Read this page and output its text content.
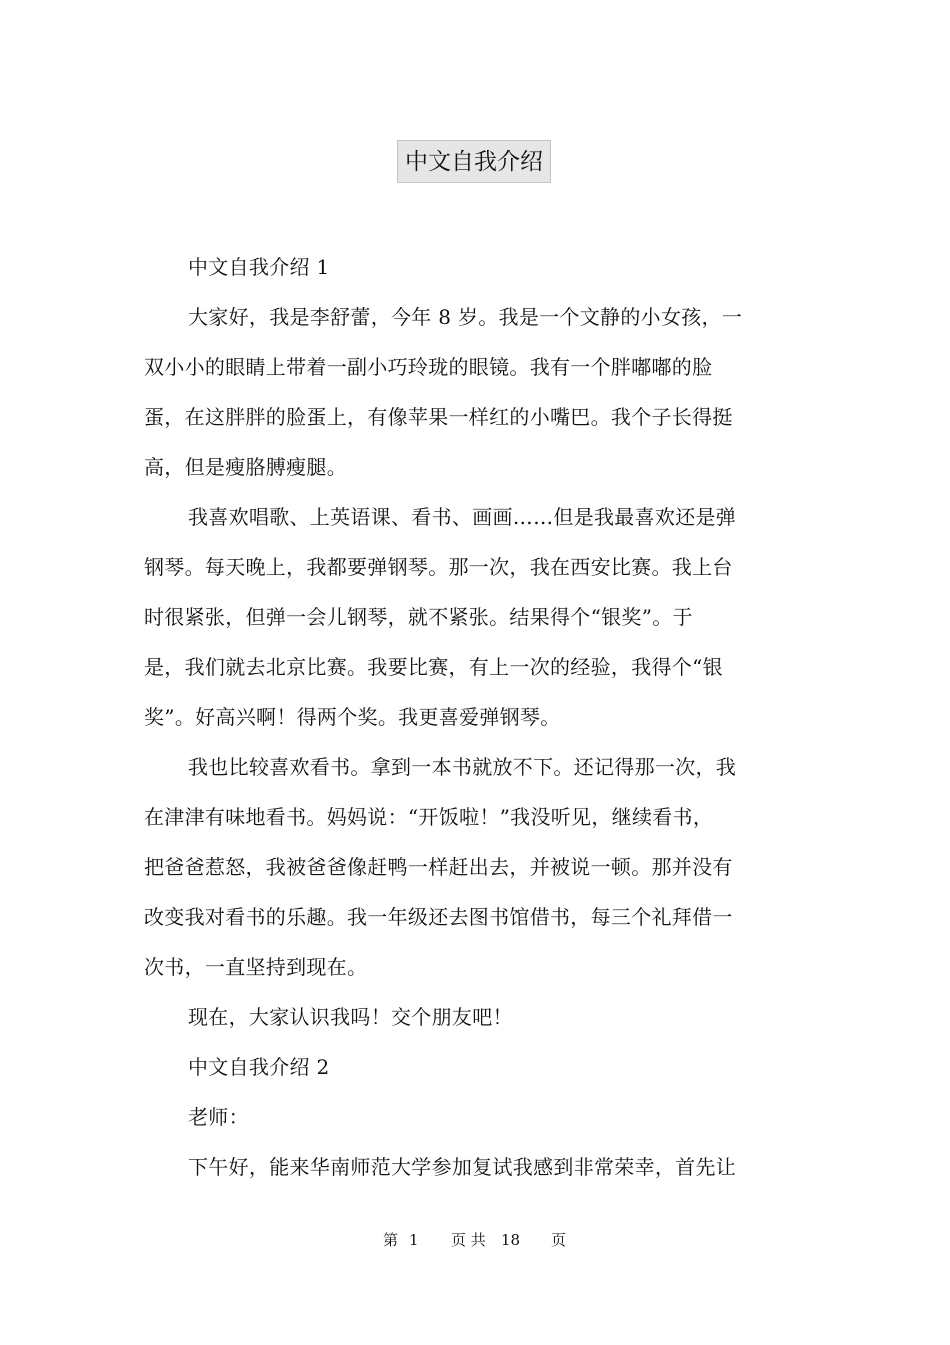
中文自我介绍
中文自我介绍 1
大家好，我是李舒蕾，今年 8 岁。我是一个文静的小女孩，一
双小小的眼睛上带着一副小巧玲珑的眼镜。我有一个胖嘟嘟的脸
蛋，在这胖胖的脸蛋上，有像苹果一样红的小嘴巴。我个子长得挺
高，但是瘦胳膊瘦腿。
我喜欢唱歌、上英语课、看书、画画……但是我最喜欢还是弹
钢琴。每天晚上，我都要弹钢琴。那一次，我在西安比赛。我上台
时很紧张，但弹一会儿钢琴，就不紧张。结果得个“银奖”。于
是，我们就去北京比赛。我要比赛，有上一次的经验，我得个“银
奖”。好高兴啊！得两个奖。我更喜爱弹钢琴。
我也比较喜欢看书。拿到一本书就放不下。还记得那一次，我
在津津有味地看书。妈妈说：“开饭啦！”我没听见，继续看书，
把爸爸惹怒，我被爸爸像赶鸭一样赶出去，并被说一顿。那并没有
改变我对看书的乐趣。我一年级还去图书馆借书，每三个礼拜借一
次书，一直坚持到现在。
现在，大家认识我吗！交个朋友吧！
中文自我介绍 2
老师：
下午好，能来华南师范大学参加复试我感到非常荣幸，首先让
第 1 页 共 18 页
